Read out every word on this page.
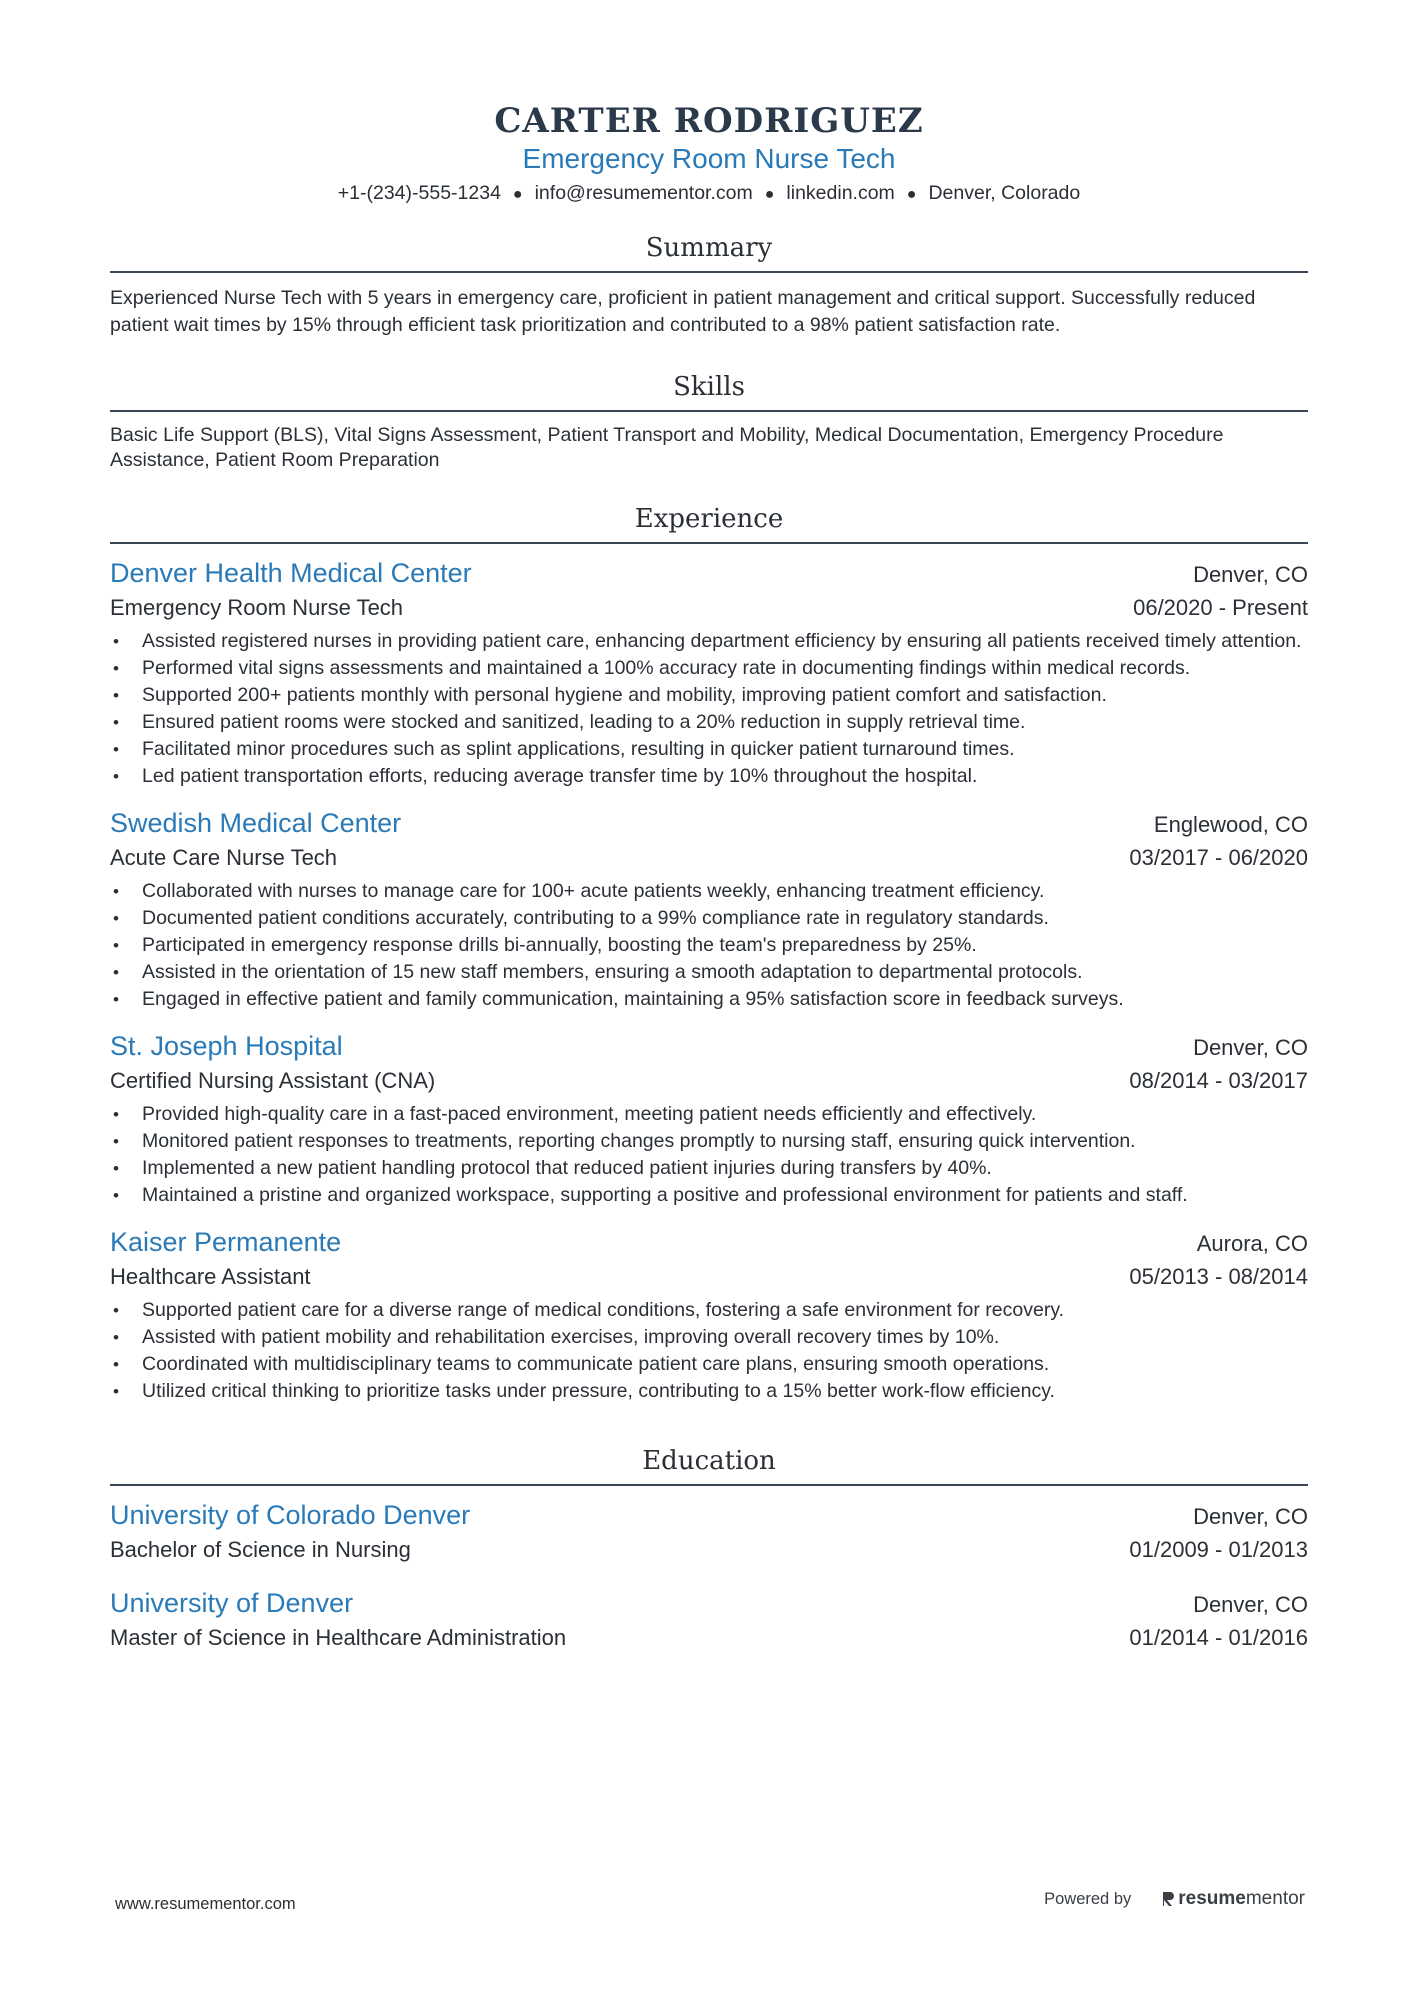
CARTER RODRIGUEZ
Emergency Room Nurse Tech
+1-(234)-555-1234 ● info@resumementor.com ● linkedin.com ● Denver, Colorado
Summary
Experienced Nurse Tech with 5 years in emergency care, proficient in patient management and critical support. Successfully reduced patient wait times by 15% through efficient task prioritization and contributed to a 98% patient satisfaction rate.
Skills
Basic Life Support (BLS), Vital Signs Assessment, Patient Transport and Mobility, Medical Documentation, Emergency Procedure Assistance, Patient Room Preparation
Experience
Denver Health Medical Center	Denver, CO
Emergency Room Nurse Tech	06/2020 - Present
• Assisted registered nurses in providing patient care, enhancing department efficiency by ensuring all patients received timely attention.
• Performed vital signs assessments and maintained a 100% accuracy rate in documenting findings within medical records.
• Supported 200+ patients monthly with personal hygiene and mobility, improving patient comfort and satisfaction.
• Ensured patient rooms were stocked and sanitized, leading to a 20% reduction in supply retrieval time.
• Facilitated minor procedures such as splint applications, resulting in quicker patient turnaround times.
• Led patient transportation efforts, reducing average transfer time by 10% throughout the hospital.
Swedish Medical Center	Englewood, CO
Acute Care Nurse Tech	03/2017 - 06/2020
• Collaborated with nurses to manage care for 100+ acute patients weekly, enhancing treatment efficiency.
• Documented patient conditions accurately, contributing to a 99% compliance rate in regulatory standards.
• Participated in emergency response drills bi-annually, boosting the team's preparedness by 25%.
• Assisted in the orientation of 15 new staff members, ensuring a smooth adaptation to departmental protocols.
• Engaged in effective patient and family communication, maintaining a 95% satisfaction score in feedback surveys.
St. Joseph Hospital	Denver, CO
Certified Nursing Assistant (CNA)	08/2014 - 03/2017
• Provided high-quality care in a fast-paced environment, meeting patient needs efficiently and effectively.
• Monitored patient responses to treatments, reporting changes promptly to nursing staff, ensuring quick intervention.
• Implemented a new patient handling protocol that reduced patient injuries during transfers by 40%.
• Maintained a pristine and organized workspace, supporting a positive and professional environment for patients and staff.
Kaiser Permanente	Aurora, CO
Healthcare Assistant	05/2013 - 08/2014
• Supported patient care for a diverse range of medical conditions, fostering a safe environment for recovery.
• Assisted with patient mobility and rehabilitation exercises, improving overall recovery times by 10%.
• Coordinated with multidisciplinary teams to communicate patient care plans, ensuring smooth operations.
• Utilized critical thinking to prioritize tasks under pressure, contributing to a 15% better work-flow efficiency.
Education
University of Colorado Denver	Denver, CO
Bachelor of Science in Nursing	01/2009 - 01/2013
University of Denver	Denver, CO
Master of Science in Healthcare Administration	01/2014 - 01/2016
www.resumementor.com	Powered by resume mentor
